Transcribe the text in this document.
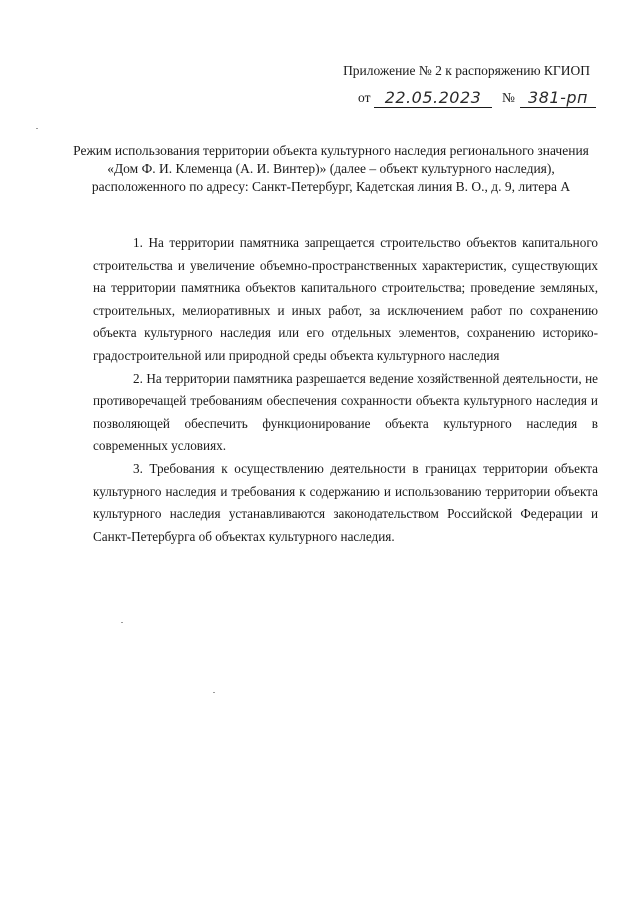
Приложение № 2 к распоряжению КГИОП
от 22.05.2023	№ 381-рп
Режим использования территории объекта культурного наследия регионального значения
«Дом Ф. И. Клеменца (А. И. Винтер)» (далее – объект культурного наследия),
расположенного по адресу: Санкт-Петербург, Кадетская линия В. О., д. 9, литера А

1. На территории памятника запрещается строительство объектов капитального строительства и увеличение объемно-пространственных характеристик, существующих на территории памятника объектов капитального строительства; проведение земляных, строительных, мелиоративных и иных работ, за исключением работ по сохранению объекта культурного наследия или его отдельных элементов, сохранению историко-градостроительной или природной среды объекта культурного наследия

2. На территории памятника разрешается ведение хозяйственной деятельности, не противоречащей требованиям обеспечения сохранности объекта культурного наследия и позволяющей обеспечить функционирование объекта культурного наследия в современных условиях.

3. Требования к осуществлению деятельности в границах территории объекта культурного наследия и требования к содержанию и использованию территории объекта культурного наследия устанавливаются законодательством Российской Федерации и Санкт-Петербурга об объектах культурного наследия.
